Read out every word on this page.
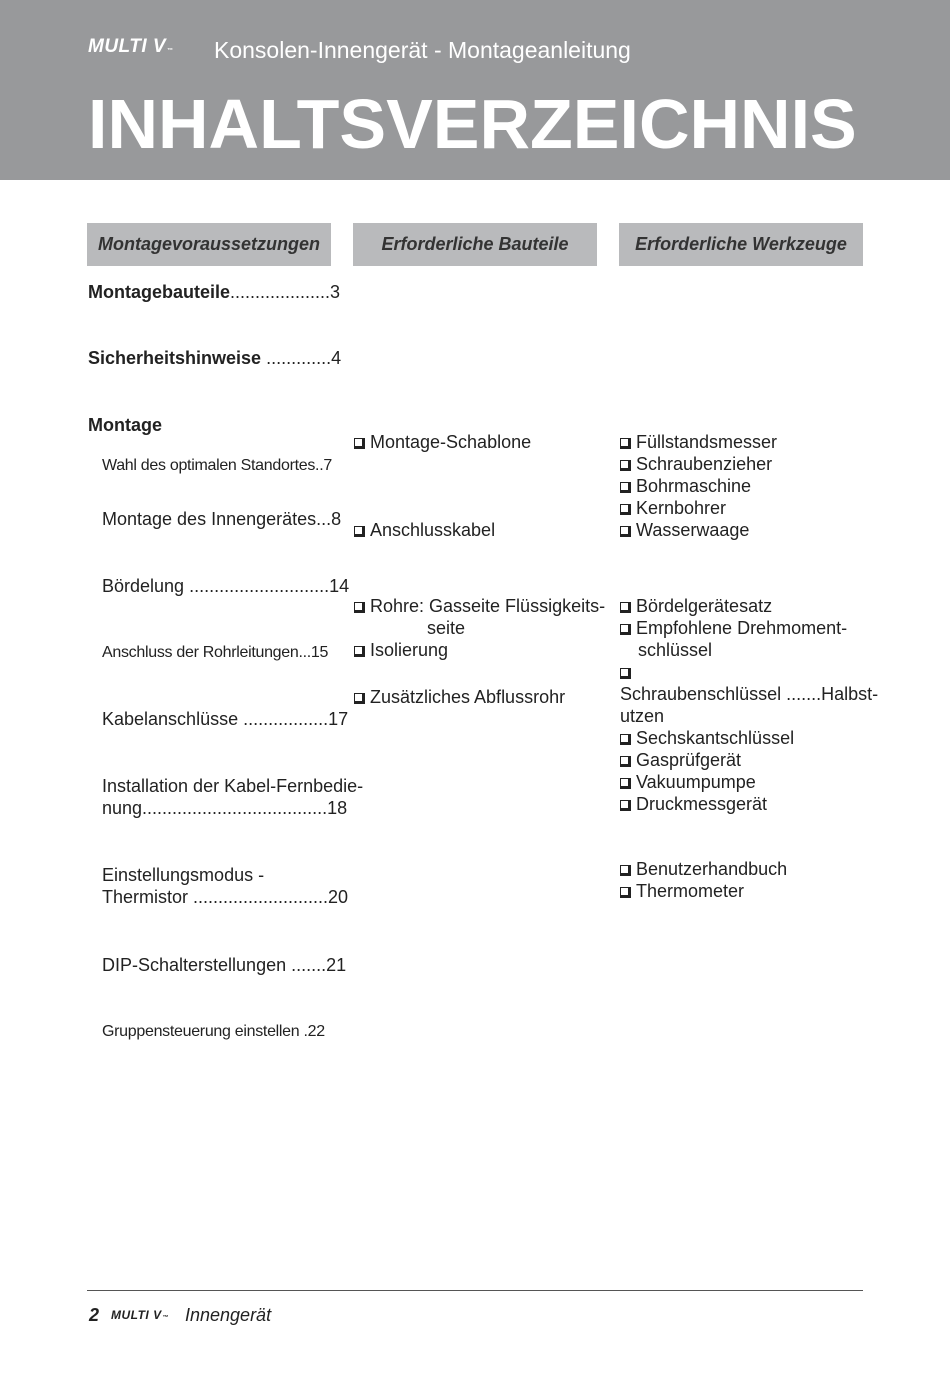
MULTI V™ Konsolen-Innengerät - Montageanleitung
INHALTSVERZEICHNIS
Montagevoraussetzungen	Erforderliche Bauteile	Erforderliche Werkzeuge
Montagebauteile....................3
Sicherheitshinweise .............4
Montage
Wahl des optimalen Standortes..7
Montage des Innengerätes...8
Bördelung ............................14
Anschluss der Rohrleitungen...15
Kabelanschlüsse .................17
Installation der Kabel-Fernbedie-
nung.....................................18
Einstellungsmodus -
Thermistor ...........................20
DIP-Schalterstellungen .......21
Gruppensteuerung einstellen .22
Montage-Schablone
Anschlusskabel
Rohre: Gasseite Flüssigkeits-
seite
Isolierung
Zusätzliches Abflussrohr
Füllstandsmesser
Schraubenzieher
Bohrmaschine
Kernbohrer
Wasserwaage
Bördelgerätesatz
Empfohlene Drehmoment-
schlüssel
Schraubenschlüssel .......Halbst-
utzen
Sechskantschlüssel
Gasprüfgerät
Vakuumpumpe
Druckmessgerät
Benutzerhandbuch
Thermometer
2 MULTI V™ Innengerät
